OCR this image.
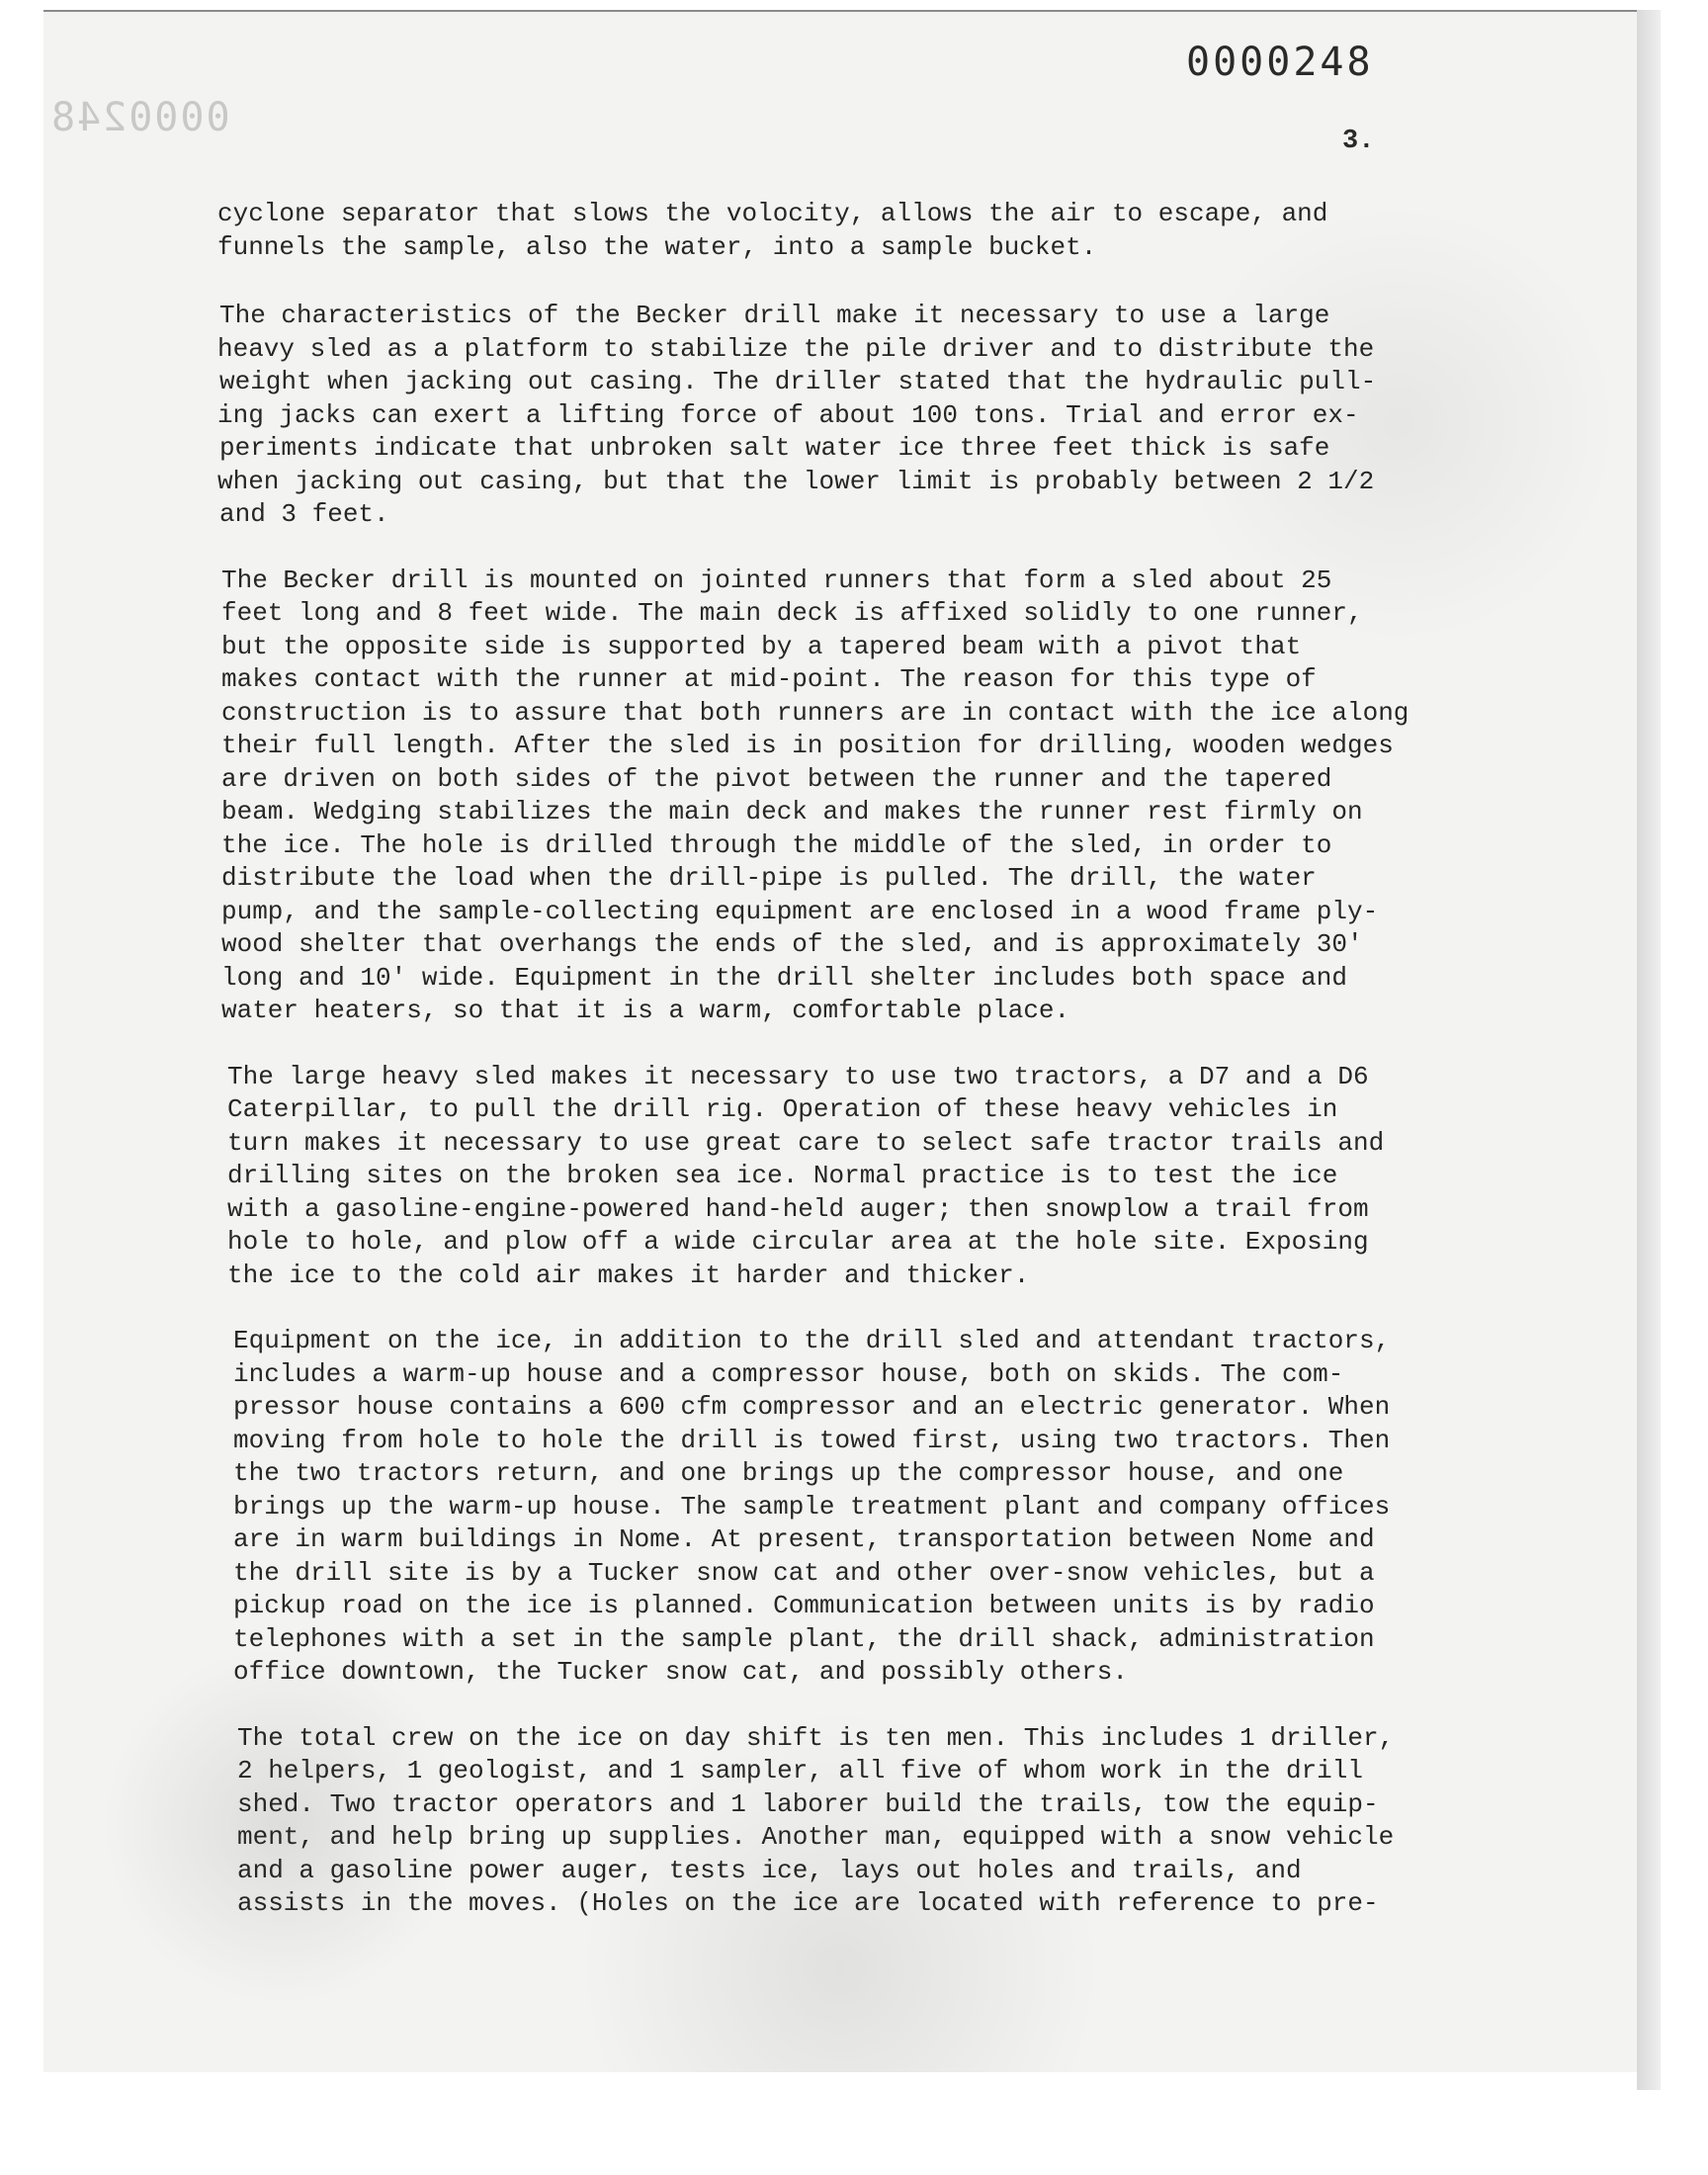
0000248
0000248
3.
cyclone separator that slows the volocity, allows the air to escape, and
funnels the sample, also the water, into a sample bucket.
The characteristics of the Becker drill make it necessary to use a large
heavy sled as a platform to stabilize the pile driver and to distribute the
weight when jacking out casing. The driller stated that the hydraulic pull-
ing jacks can exert a lifting force of about 100 tons. Trial and error ex-
periments indicate that unbroken salt water ice three feet thick is safe
when jacking out casing, but that the lower limit is probably between 2 1/2
and 3 feet.
The Becker drill is mounted on jointed runners that form a sled about 25
feet long and 8 feet wide. The main deck is affixed solidly to one runner,
but the opposite side is supported by a tapered beam with a pivot that
makes contact with the runner at mid-point. The reason for this type of
construction is to assure that both runners are in contact with the ice along
their full length. After the sled is in position for drilling, wooden wedges
are driven on both sides of the pivot between the runner and the tapered
beam. Wedging stabilizes the main deck and makes the runner rest firmly on
the ice. The hole is drilled through the middle of the sled, in order to
distribute the load when the drill-pipe is pulled. The drill, the water
pump, and the sample-collecting equipment are enclosed in a wood frame ply-
wood shelter that overhangs the ends of the sled, and is approximately 30'
long and 10' wide. Equipment in the drill shelter includes both space and
water heaters, so that it is a warm, comfortable place.
The large heavy sled makes it necessary to use two tractors, a D7 and a D6
Caterpillar, to pull the drill rig. Operation of these heavy vehicles in
turn makes it necessary to use great care to select safe tractor trails and
drilling sites on the broken sea ice. Normal practice is to test the ice
with a gasoline-engine-powered hand-held auger; then snowplow a trail from
hole to hole, and plow off a wide circular area at the hole site. Exposing
the ice to the cold air makes it harder and thicker.
Equipment on the ice, in addition to the drill sled and attendant tractors,
includes a warm-up house and a compressor house, both on skids. The com-
pressor house contains a 600 cfm compressor and an electric generator. When
moving from hole to hole the drill is towed first, using two tractors. Then
the two tractors return, and one brings up the compressor house, and one
brings up the warm-up house. The sample treatment plant and company offices
are in warm buildings in Nome. At present, transportation between Nome and
the drill site is by a Tucker snow cat and other over-snow vehicles, but a
pickup road on the ice is planned. Communication between units is by radio
telephones with a set in the sample plant, the drill shack, administration
office downtown, the Tucker snow cat, and possibly others.
The total crew on the ice on day shift is ten men. This includes 1 driller,
2 helpers, 1 geologist, and 1 sampler, all five of whom work in the drill
shed. Two tractor operators and 1 laborer build the trails, tow the equip-
ment, and help bring up supplies. Another man, equipped with a snow vehicle
and a gasoline power auger, tests ice, lays out holes and trails, and
assists in the moves. (Holes on the ice are located with reference to pre-
